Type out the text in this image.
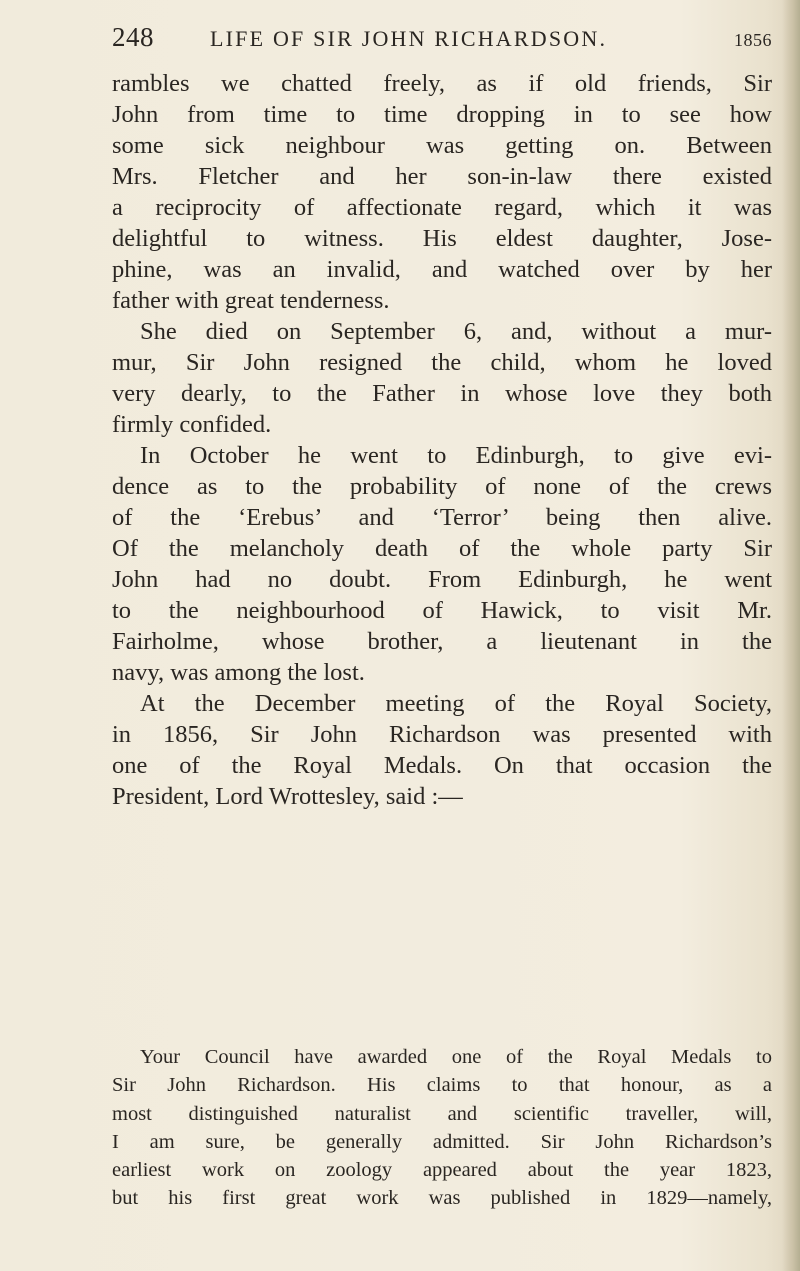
248	LIFE OF SIR JOHN RICHARDSON.	1856
rambles we chatted freely, as if old friends, Sir
John from time to time dropping in to see how
some sick neighbour was getting on. Between
Mrs. Fletcher and her son-in-law there existed
a reciprocity of affectionate regard, which it was
delightful to witness. His eldest daughter, Jose-
phine, was an invalid, and watched over by her
father with great tenderness.
She died on September 6, and, without a mur-
mur, Sir John resigned the child, whom he loved
very dearly, to the Father in whose love they both
firmly confided.
In October he went to Edinburgh, to give evi-
dence as to the probability of none of the crews
of the ‘Erebus’ and ‘Terror’ being then alive.
Of the melancholy death of the whole party Sir
John had no doubt. From Edinburgh, he went
to the neighbourhood of Hawick, to visit Mr.
Fairholme, whose brother, a lieutenant in the
navy, was among the lost.
At the December meeting of the Royal Society,
in 1856, Sir John Richardson was presented with
one of the Royal Medals. On that occasion the
President, Lord Wrottesley, said :—
Your Council have awarded one of the Royal Medals to
Sir John Richardson. His claims to that honour, as a
most distinguished naturalist and scientific traveller, will,
I am sure, be generally admitted. Sir John Richardson’s
earliest work on zoology appeared about the year 1823,
but his first great work was published in 1829—namely,
